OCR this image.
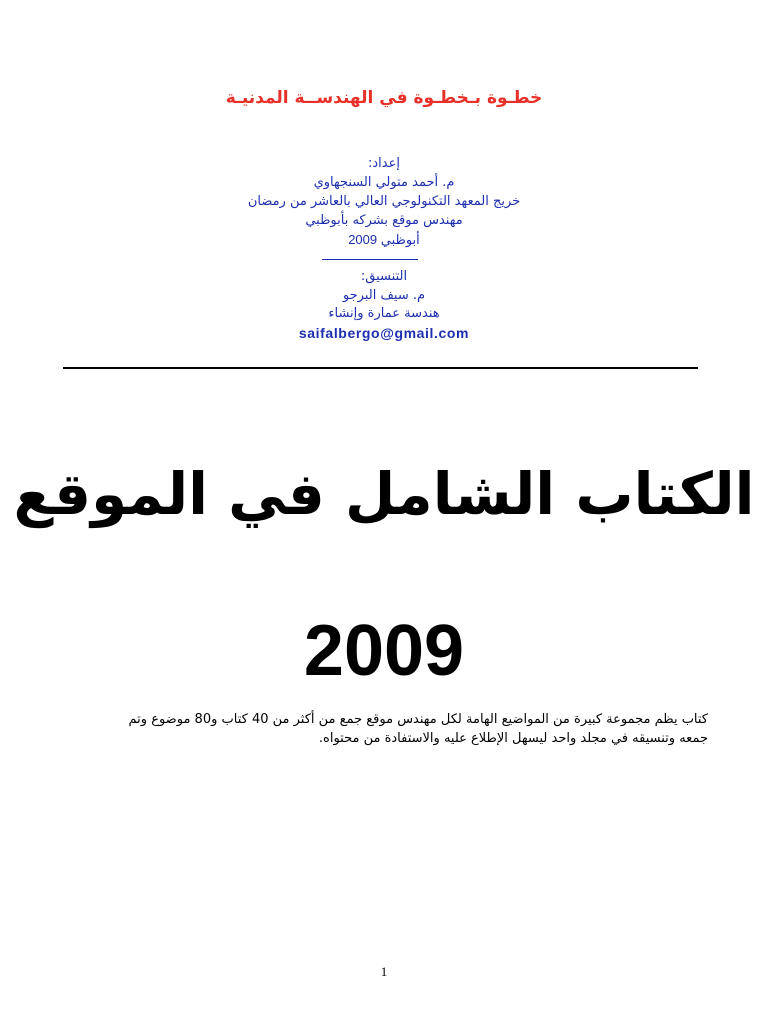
خطـوة بـخطـوة في الهندســة المدنيـة
إعداد:
م. أحمد متولي السنجهاوي
خريج المعهد التكنولوجي العالي بالعاشر من رمضان
مهندس موقع بشركه بأبوظبي
أبوظبي 2009
التنسيق:
م. سيف البرجو
هندسة عمارة وإنشاء
saifalbergo@gmail.com
الكتاب الشامل في الموقع
2009
كتاب يظم مجموعة كبيرة من المواضيع الهامة لكل مهندس موقع جمع من أكثر من 40 كتاب و80 موضوع وتم
جمعه وتنسيقه في مجلد واحد ليسهل الإطلاع عليه والاستفادة من محتواه.
1
